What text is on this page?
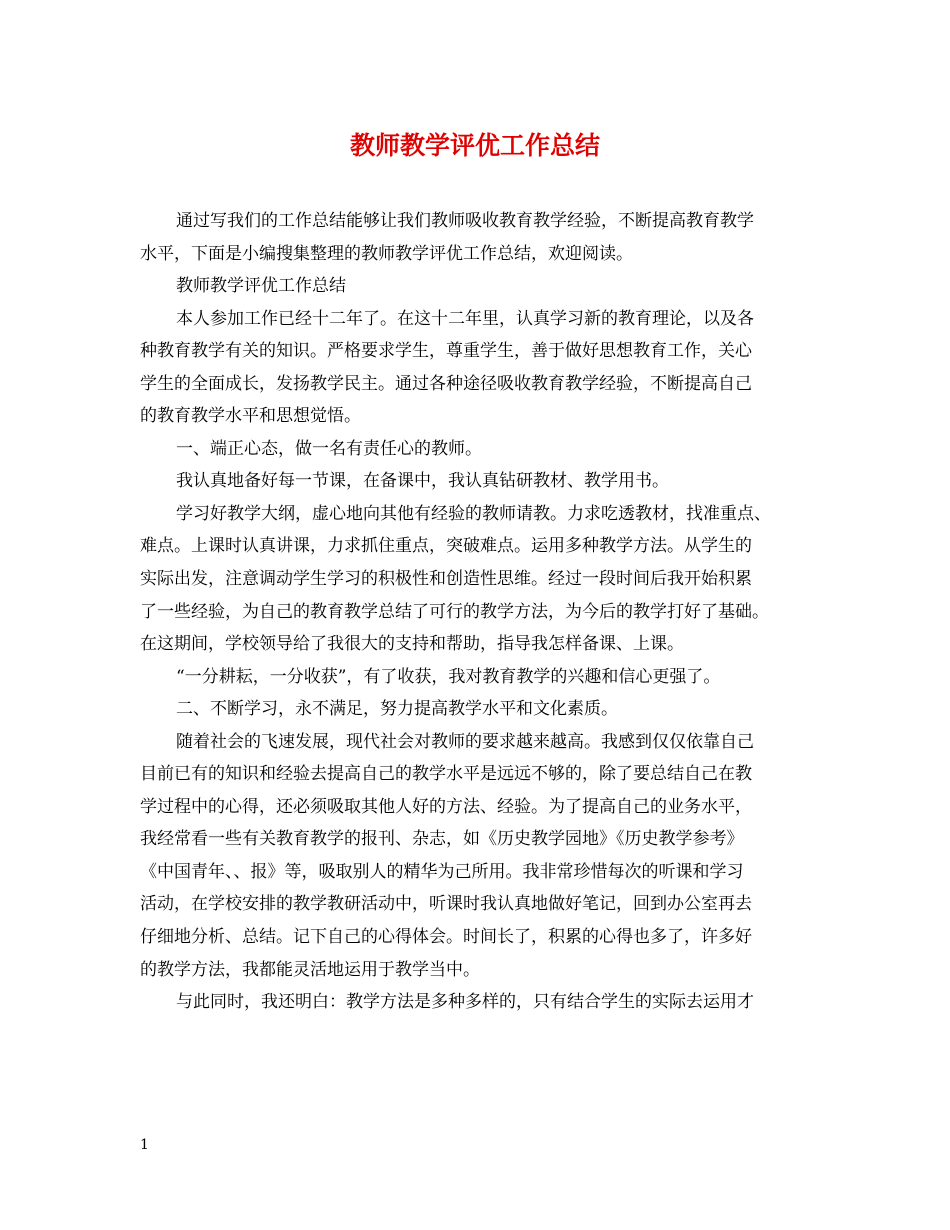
教师教学评优工作总结
通过写我们的工作总结能够让我们教师吸收教育教学经验，不断提高教育教学
水平，下面是小编搜集整理的教师教学评优工作总结，欢迎阅读。
教师教学评优工作总结
本人参加工作已经十二年了。在这十二年里，认真学习新的教育理论，以及各
种教育教学有关的知识。严格要求学生，尊重学生，善于做好思想教育工作，关心
学生的全面成长，发扬教学民主。通过各种途径吸收教育教学经验，不断提高自己
的教育教学水平和思想觉悟。
一、端正心态，做一名有责任心的教师。
我认真地备好每一节课，在备课中，我认真钻研教材、教学用书。
学习好教学大纲，虚心地向其他有经验的教师请教。力求吃透教材，找准重点、
难点。上课时认真讲课，力求抓住重点，突破难点。运用多种教学方法。从学生的
实际出发，注意调动学生学习的积极性和创造性思维。经过一段时间后我开始积累
了一些经验，为自己的教育教学总结了可行的教学方法，为今后的教学打好了基础。
在这期间，学校领导给了我很大的支持和帮助，指导我怎样备课、上课。
“一分耕耘，一分收获”，有了收获，我对教育教学的兴趣和信心更强了。
二、不断学习，永不满足，努力提高教学水平和文化素质。
随着社会的飞速发展，现代社会对教师的要求越来越高。我感到仅仅依靠自己
目前已有的知识和经验去提高自己的教学水平是远远不够的，除了要总结自己在教
学过程中的心得，还必须吸取其他人好的方法、经验。为了提高自己的业务水平，
我经常看一些有关教育教学的报刊、杂志，如《历史教学园地》《历史教学参考》
《中国青年、、报》等，吸取别人的精华为己所用。我非常珍惜每次的听课和学习
活动，在学校安排的教学教研活动中，听课时我认真地做好笔记，回到办公室再去
仔细地分析、总结。记下自己的心得体会。时间长了，积累的心得也多了，许多好
的教学方法，我都能灵活地运用于教学当中。
与此同时，我还明白：教学方法是多种多样的，只有结合学生的实际去运用才
1
